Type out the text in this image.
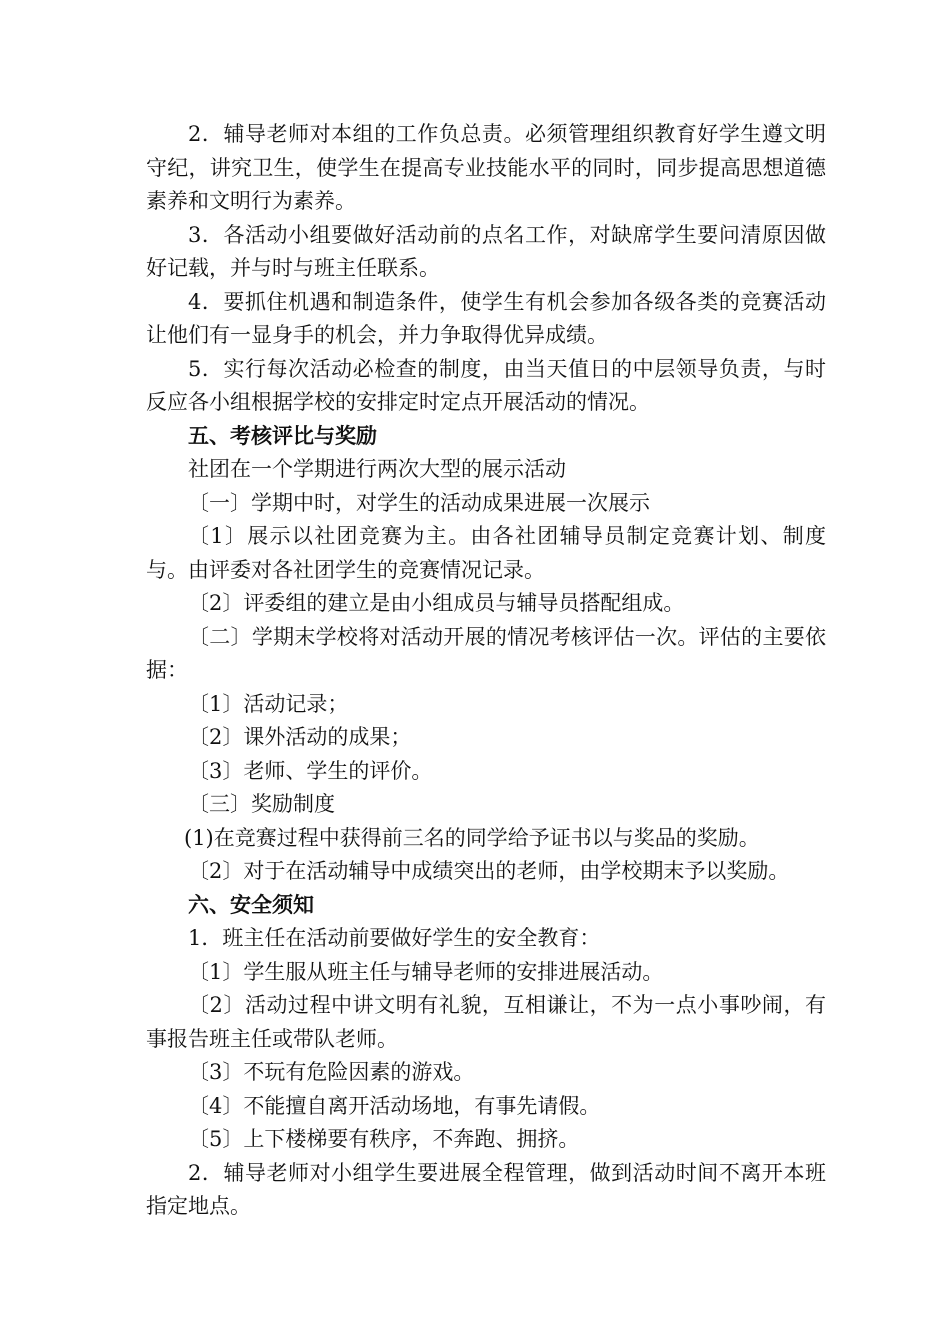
2．辅导老师对本组的工作负总责。必须管理组织教育好学生遵文明守纪，讲究卫生，使学生在提高专业技能水平的同时，同步提高思想道德素养和文明行为素养。

3．各活动小组要做好活动前的点名工作，对缺席学生要问清原因做好记载，并与时与班主任联系。

4．要抓住机遇和制造条件，使学生有机会参加各级各类的竞赛活动让他们有一显身手的机会，并力争取得优异成绩。

5．实行每次活动必检查的制度，由当天值日的中层领导负责，与时反应各小组根据学校的安排定时定点开展活动的情况。

五、考核评比与奖励

社团在一个学期进行两次大型的展示活动

〔一〕学期中时，对学生的活动成果进展一次展示

〔1〕展示以社团竞赛为主。由各社团辅导员制定竞赛计划、制度与。由评委对各社团学生的竞赛情况记录。

〔2〕评委组的建立是由小组成员与辅导员搭配组成。

〔二〕学期末学校将对活动开展的情况考核评估一次。评估的主要依据：

〔1〕活动记录；

〔2〕课外活动的成果；

〔3〕老师、学生的评价。

〔三〕奖励制度

(1)在竞赛过程中获得前三名的同学给予证书以与奖品的奖励。

〔2〕对于在活动辅导中成绩突出的老师，由学校期末予以奖励。

六、安全须知

1．班主任在活动前要做好学生的安全教育：

〔1〕学生服从班主任与辅导老师的安排进展活动。

〔2〕活动过程中讲文明有礼貌，互相谦让，不为一点小事吵闹，有事报告班主任或带队老师。

〔3〕不玩有危险因素的游戏。

〔4〕不能擅自离开活动场地，有事先请假。

〔5〕上下楼梯要有秩序，不奔跑、拥挤。

2．辅导老师对小组学生要进展全程管理，做到活动时间不离开本班指定地点。
